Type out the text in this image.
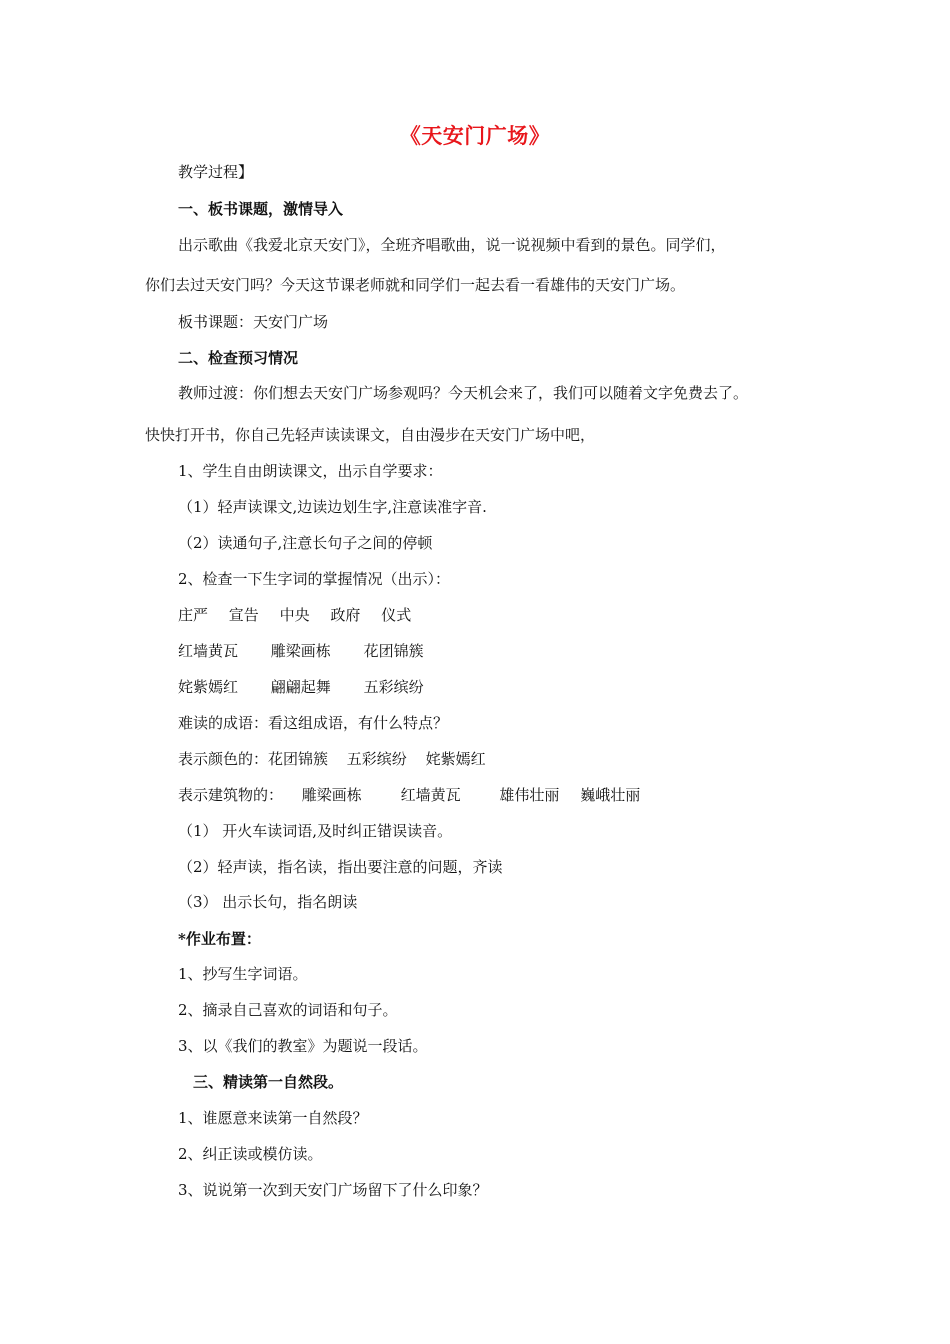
《天安门广场》
教学过程】
一、板书课题，激情导入
出示歌曲《我爱北京天安门》，全班齐唱歌曲，说一说视频中看到的景色。同学们，
你们去过天安门吗？今天这节课老师就和同学们一起去看一看雄伟的天安门广场。
板书课题：天安门广场
二、检查预习情况
教师过渡：你们想去天安门广场参观吗？今天机会来了，我们可以随着文字免费去了。
快快打开书，你自己先轻声读读课文，自由漫步在天安门广场中吧，
1、学生自由朗读课文，出示自学要求：
（1）轻声读课文,边读边划生字,注意读准字音.
（2）读通句子,注意长句子之间的停顿
2、检查一下生字词的掌握情况（出示）：
庄严 宣告 中央 政府 仪式
红墙黄瓦 雕梁画栋 花团锦簇
姹紫嫣红 翩翩起舞 五彩缤纷
难读的成语：看这组成语，有什么特点？
表示颜色的：花团锦簇 五彩缤纷 姹紫嫣红
表示建筑物的： 雕梁画栋	红墙黄瓦	雄伟壮丽 巍峨壮丽
（1） 开火车读词语,及时纠正错误读音。
（2）轻声读，指名读，指出要注意的问题，齐读
（3） 出示长句，指名朗读
*作业布置：
1、抄写生字词语。
2、摘录自己喜欢的词语和句子。
3、以《我们的教室》为题说一段话。
三、精读第一自然段。
1、谁愿意来读第一自然段？
2、纠正读或模仿读。
3、说说第一次到天安门广场留下了什么印象？
